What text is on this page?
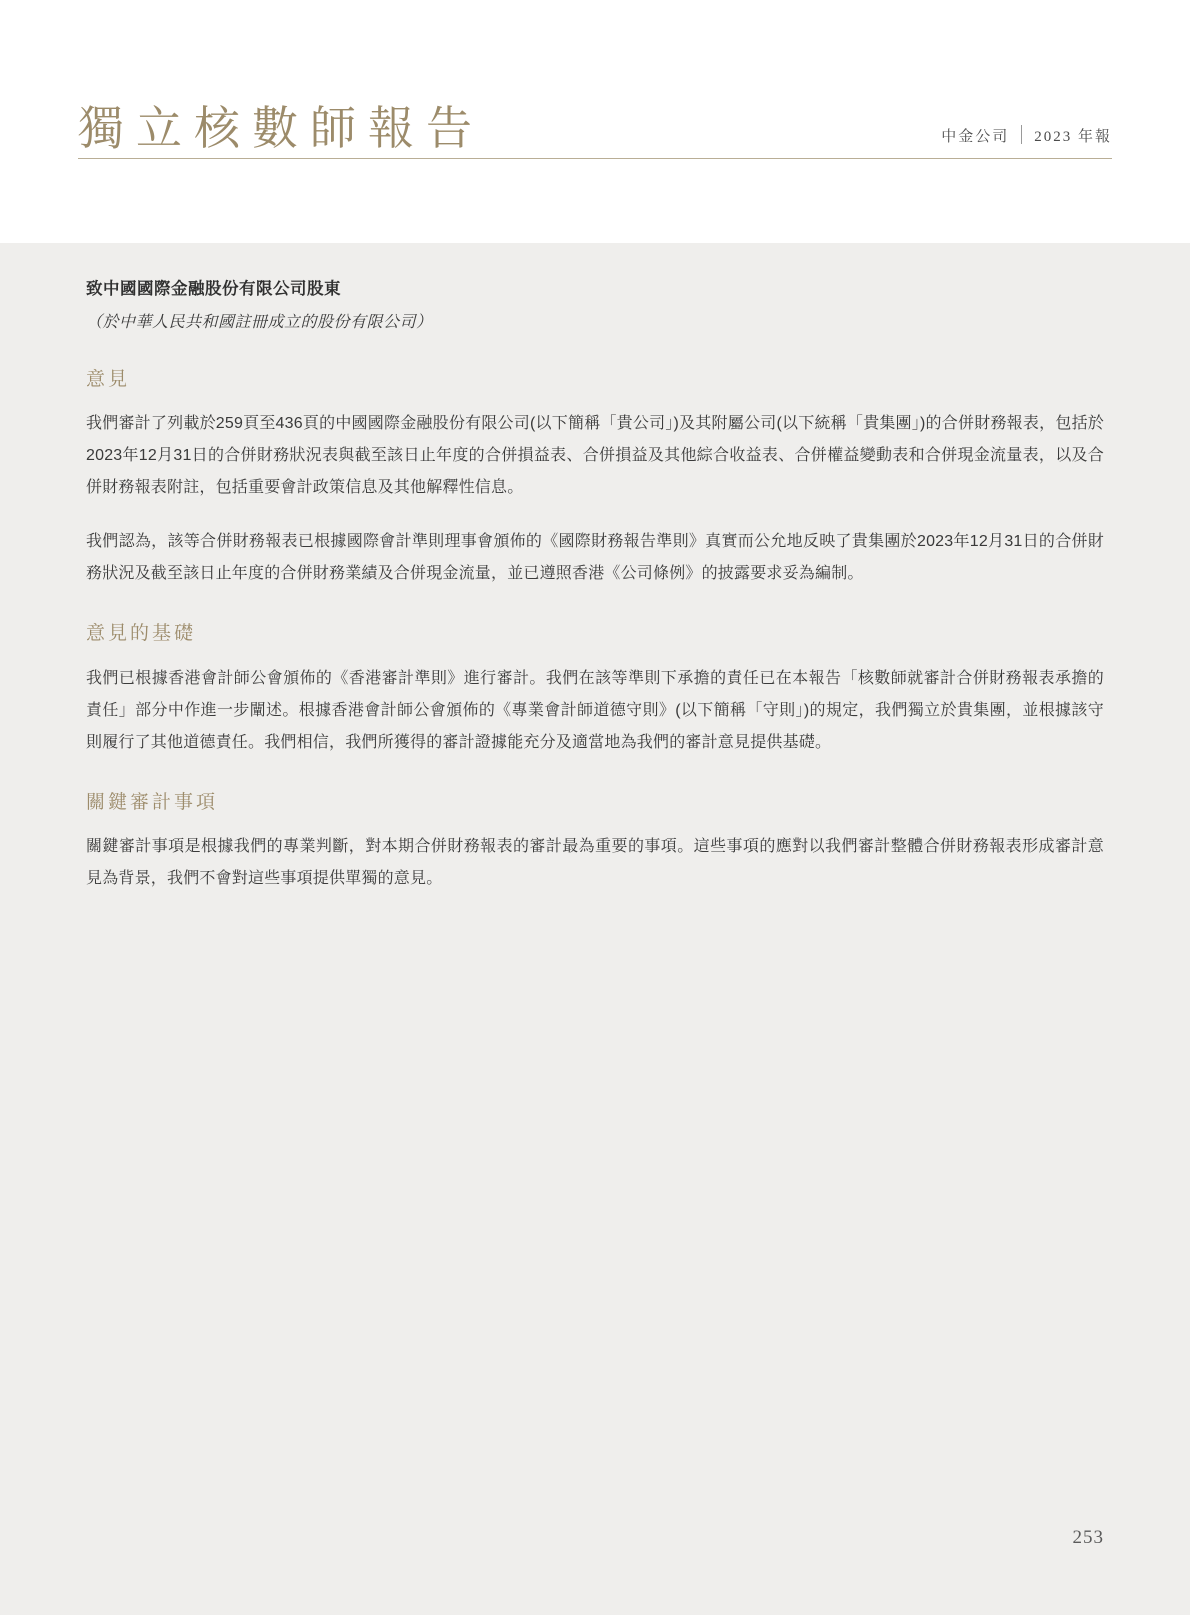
獨立核數師報告	中金公司	2023 年報

致中國國際金融股份有限公司股東

（於中華人民共和國註冊成立的股份有限公司）

意見

我們審計了列載於259頁至436頁的中國國際金融股份有限公司(以下簡稱「貴公司」)及其附屬公司(以下統稱「貴集團」)的合併財務報表，包括於2023年12月31日的合併財務狀況表與截至該日止年度的合併損益表、合併損益及其他綜合收益表、合併權益變動表和合併現金流量表，以及合併財務報表附註，包括重要會計政策信息及其他解釋性信息。

我們認為，該等合併財務報表已根據國際會計準則理事會頒佈的《國際財務報告準則》真實而公允地反映了貴集團於2023年12月31日的合併財務狀況及截至該日止年度的合併財務業績及合併現金流量，並已遵照香港《公司條例》的披露要求妥為編制。

意見的基礎

我們已根據香港會計師公會頒佈的《香港審計準則》進行審計。我們在該等準則下承擔的責任已在本報告「核數師就審計合併財務報表承擔的責任」部分中作進一步闡述。根據香港會計師公會頒佈的《專業會計師道德守則》(以下簡稱「守則」)的規定，我們獨立於貴集團，並根據該守則履行了其他道德責任。我們相信，我們所獲得的審計證據能充分及適當地為我們的審計意見提供基礎。

關鍵審計事項

關鍵審計事項是根據我們的專業判斷，對本期合併財務報表的審計最為重要的事項。這些事項的應對以我們審計整體合併財務報表形成審計意見為背景，我們不會對這些事項提供單獨的意見。

253
